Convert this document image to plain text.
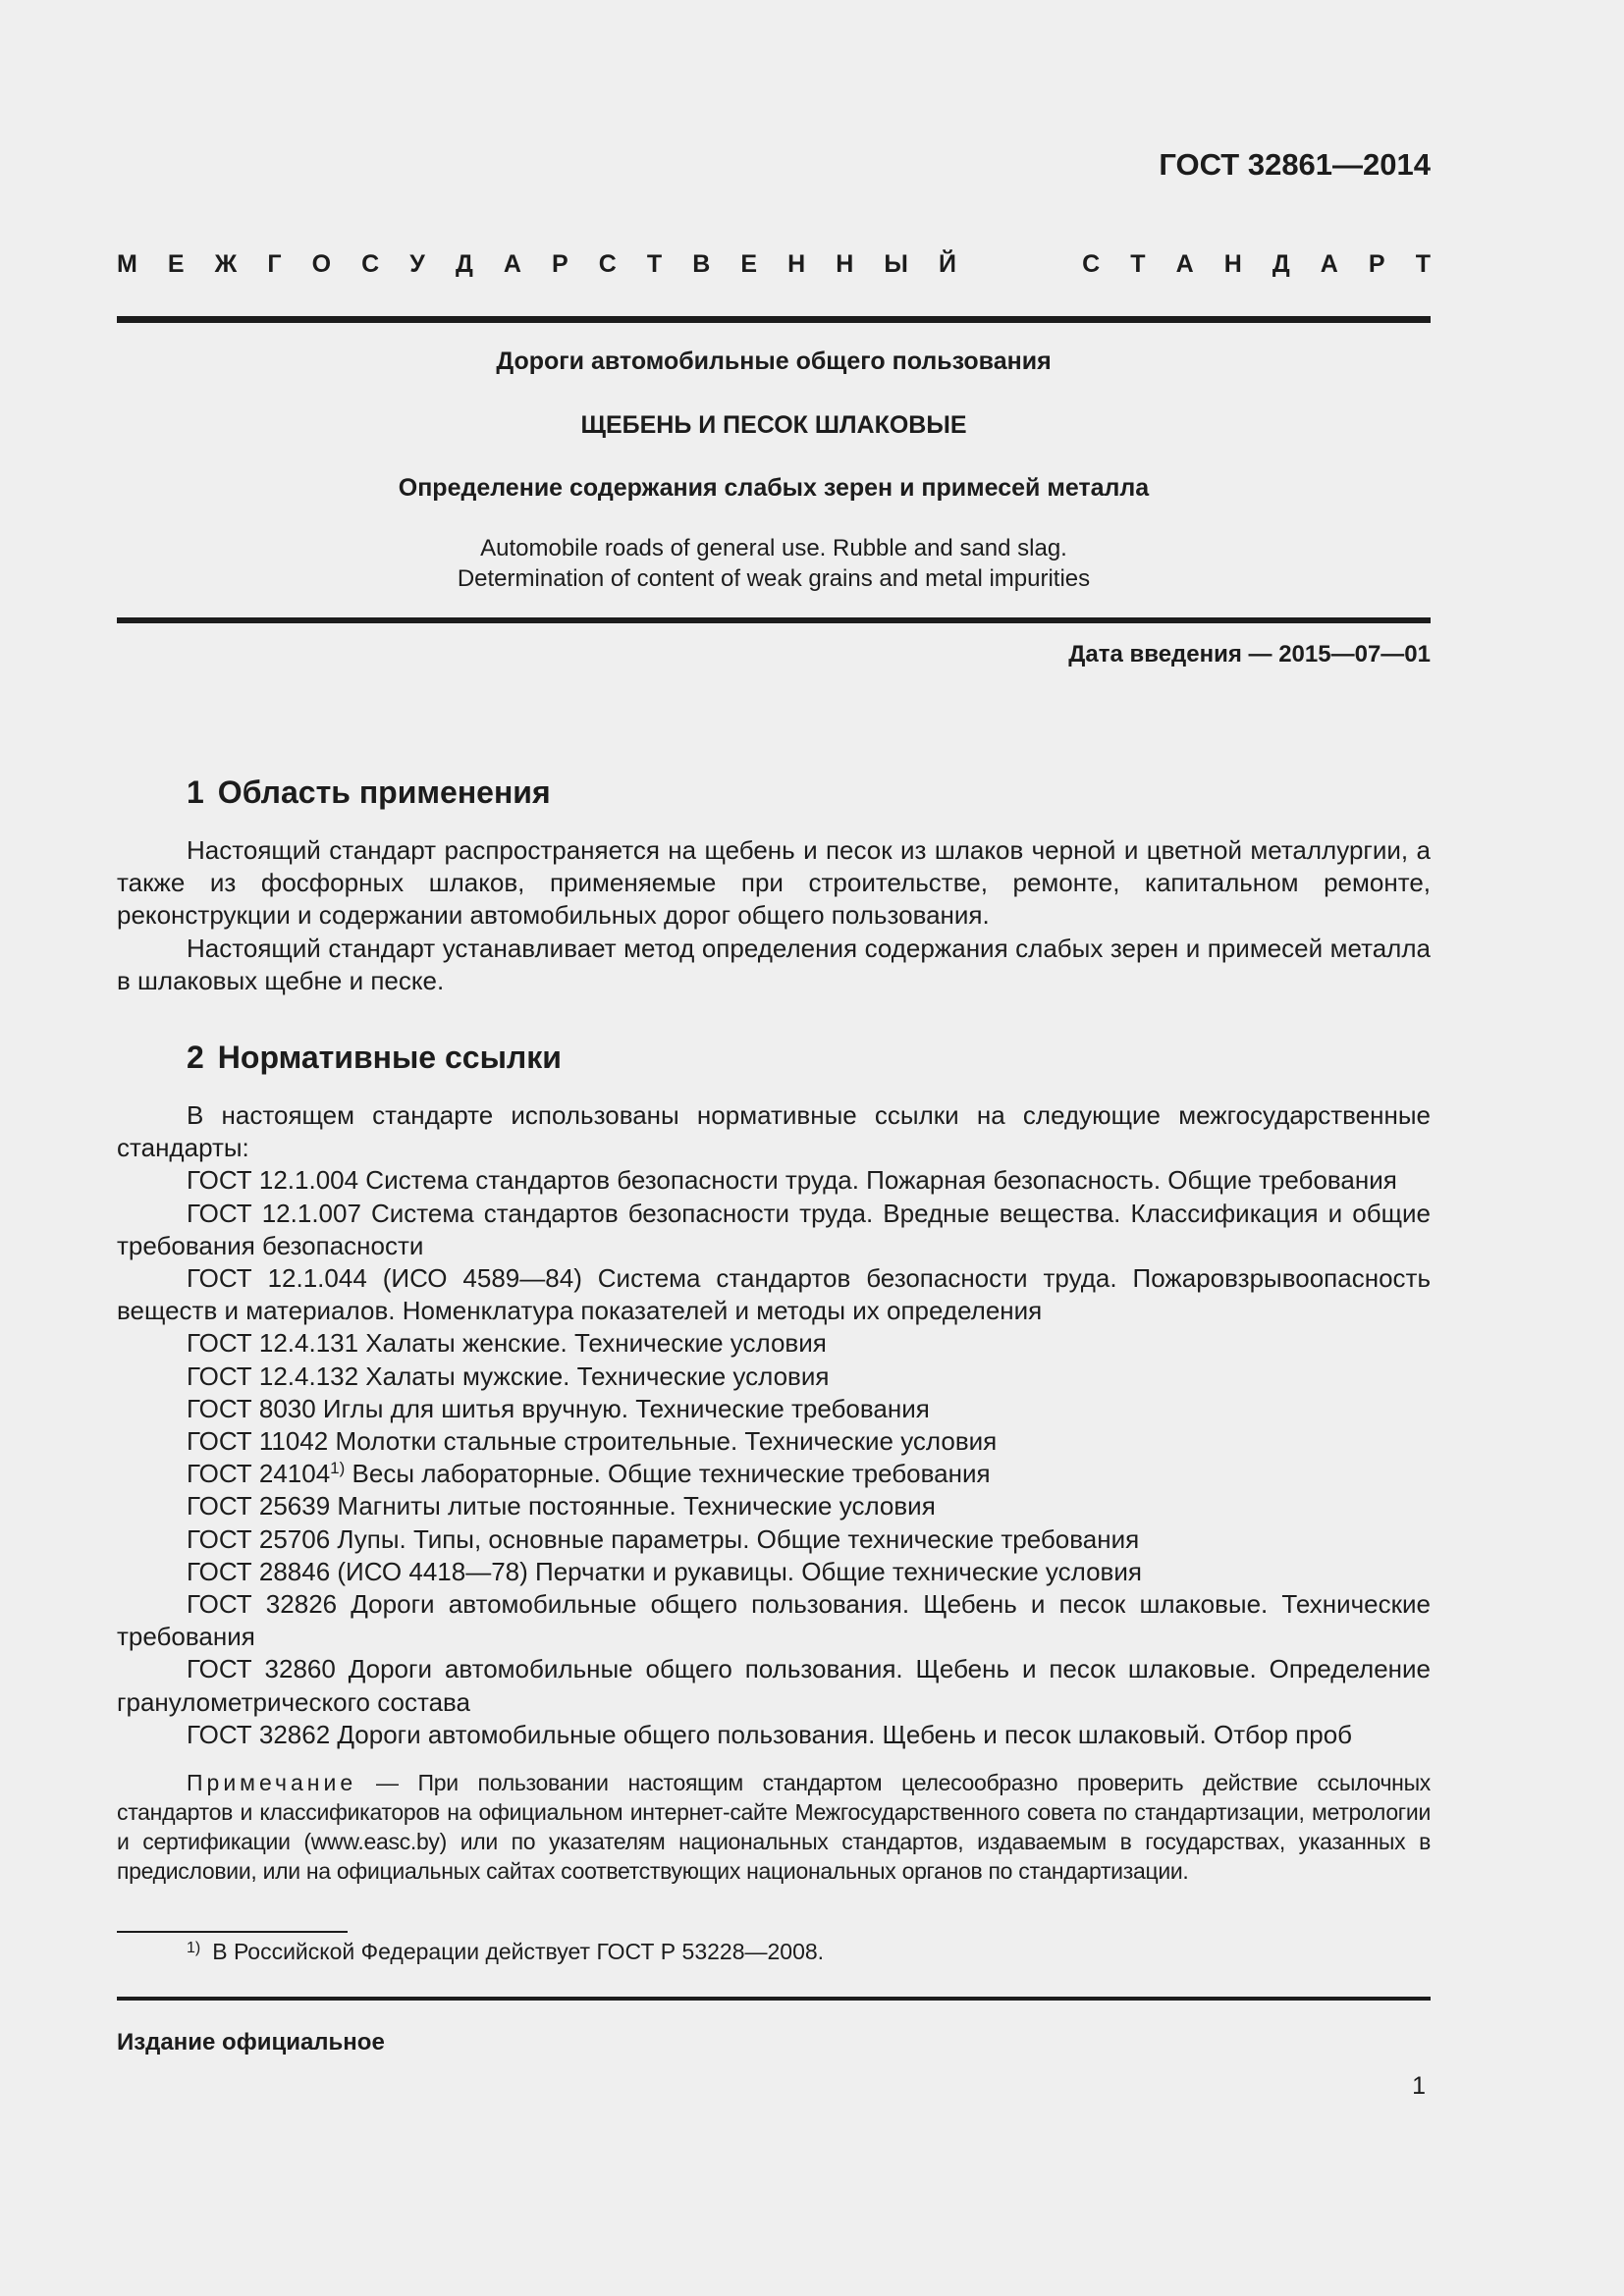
ГОСТ 32861—2014
М Е Ж Г О С У Д А Р С Т В Е Н Н Ы Й	С Т А Н Д А Р Т
Дороги автомобильные общего пользования
ЩЕБЕНЬ И ПЕСОК ШЛАКОВЫЕ
Определение содержания слабых зерен и примесей металла
Automobile roads of general use. Rubble and sand slag.
Determination of content of weak grains and metal impurities
Дата введения — 2015—07—01
1 Область применения

Настоящий стандарт распространяется на щебень и песок из шлаков черной и цветной металлургии, а также из фосфорных шлаков, применяемые при строительстве, ремонте, капитальном ремонте, реконструкции и содержании автомобильных дорог общего пользования.

Настоящий стандарт устанавливает метод определения содержания слабых зерен и примесей металла в шлаковых щебне и песке.

2 Нормативные ссылки

В настоящем стандарте использованы нормативные ссылки на следующие межгосударственные стандарты:

ГОСТ 12.1.004 Система стандартов безопасности труда. Пожарная безопасность. Общие требования

ГОСТ 12.1.007 Система стандартов безопасности труда. Вредные вещества. Классификация и общие требования безопасности

ГОСТ 12.1.044 (ИСО 4589—84) Система стандартов безопасности труда. Пожаровзрывоопасность веществ и материалов. Номенклатура показателей и методы их определения

ГОСТ 12.4.131 Халаты женские. Технические условия

ГОСТ 12.4.132 Халаты мужские. Технические условия

ГОСТ 8030 Иглы для шитья вручную. Технические требования

ГОСТ 11042 Молотки стальные строительные. Технические условия

ГОСТ 24104$^{1)}$ Весы лабораторные. Общие технические требования

ГОСТ 25639 Магниты литые постоянные. Технические условия

ГОСТ 25706 Лупы. Типы, основные параметры. Общие технические требования

ГОСТ 28846 (ИСО 4418—78) Перчатки и рукавицы. Общие технические условия

ГОСТ 32826 Дороги автомобильные общего пользования. Щебень и песок шлаковые. Технические требования

ГОСТ 32860 Дороги автомобильные общего пользования. Щебень и песок шлаковые. Определение гранулометрического состава

ГОСТ 32862 Дороги автомобильные общего пользования. Щебень и песок шлаковый. Отбор проб

Примечание — При пользовании настоящим стандартом целесообразно проверить действие ссылочных стандартов и классификаторов на официальном интернет-сайте Межгосударственного совета по стандартизации, метрологии и сертификации (www.easc.by) или по указателям национальных стандартов, издаваемым в государствах, указанных в предисловии, или на официальных сайтах соответствующих национальных органов по стандартизации.
$^{1)}$ В Российской Федерации действует ГОСТ Р 53228—2008.
Издание официальное
1
